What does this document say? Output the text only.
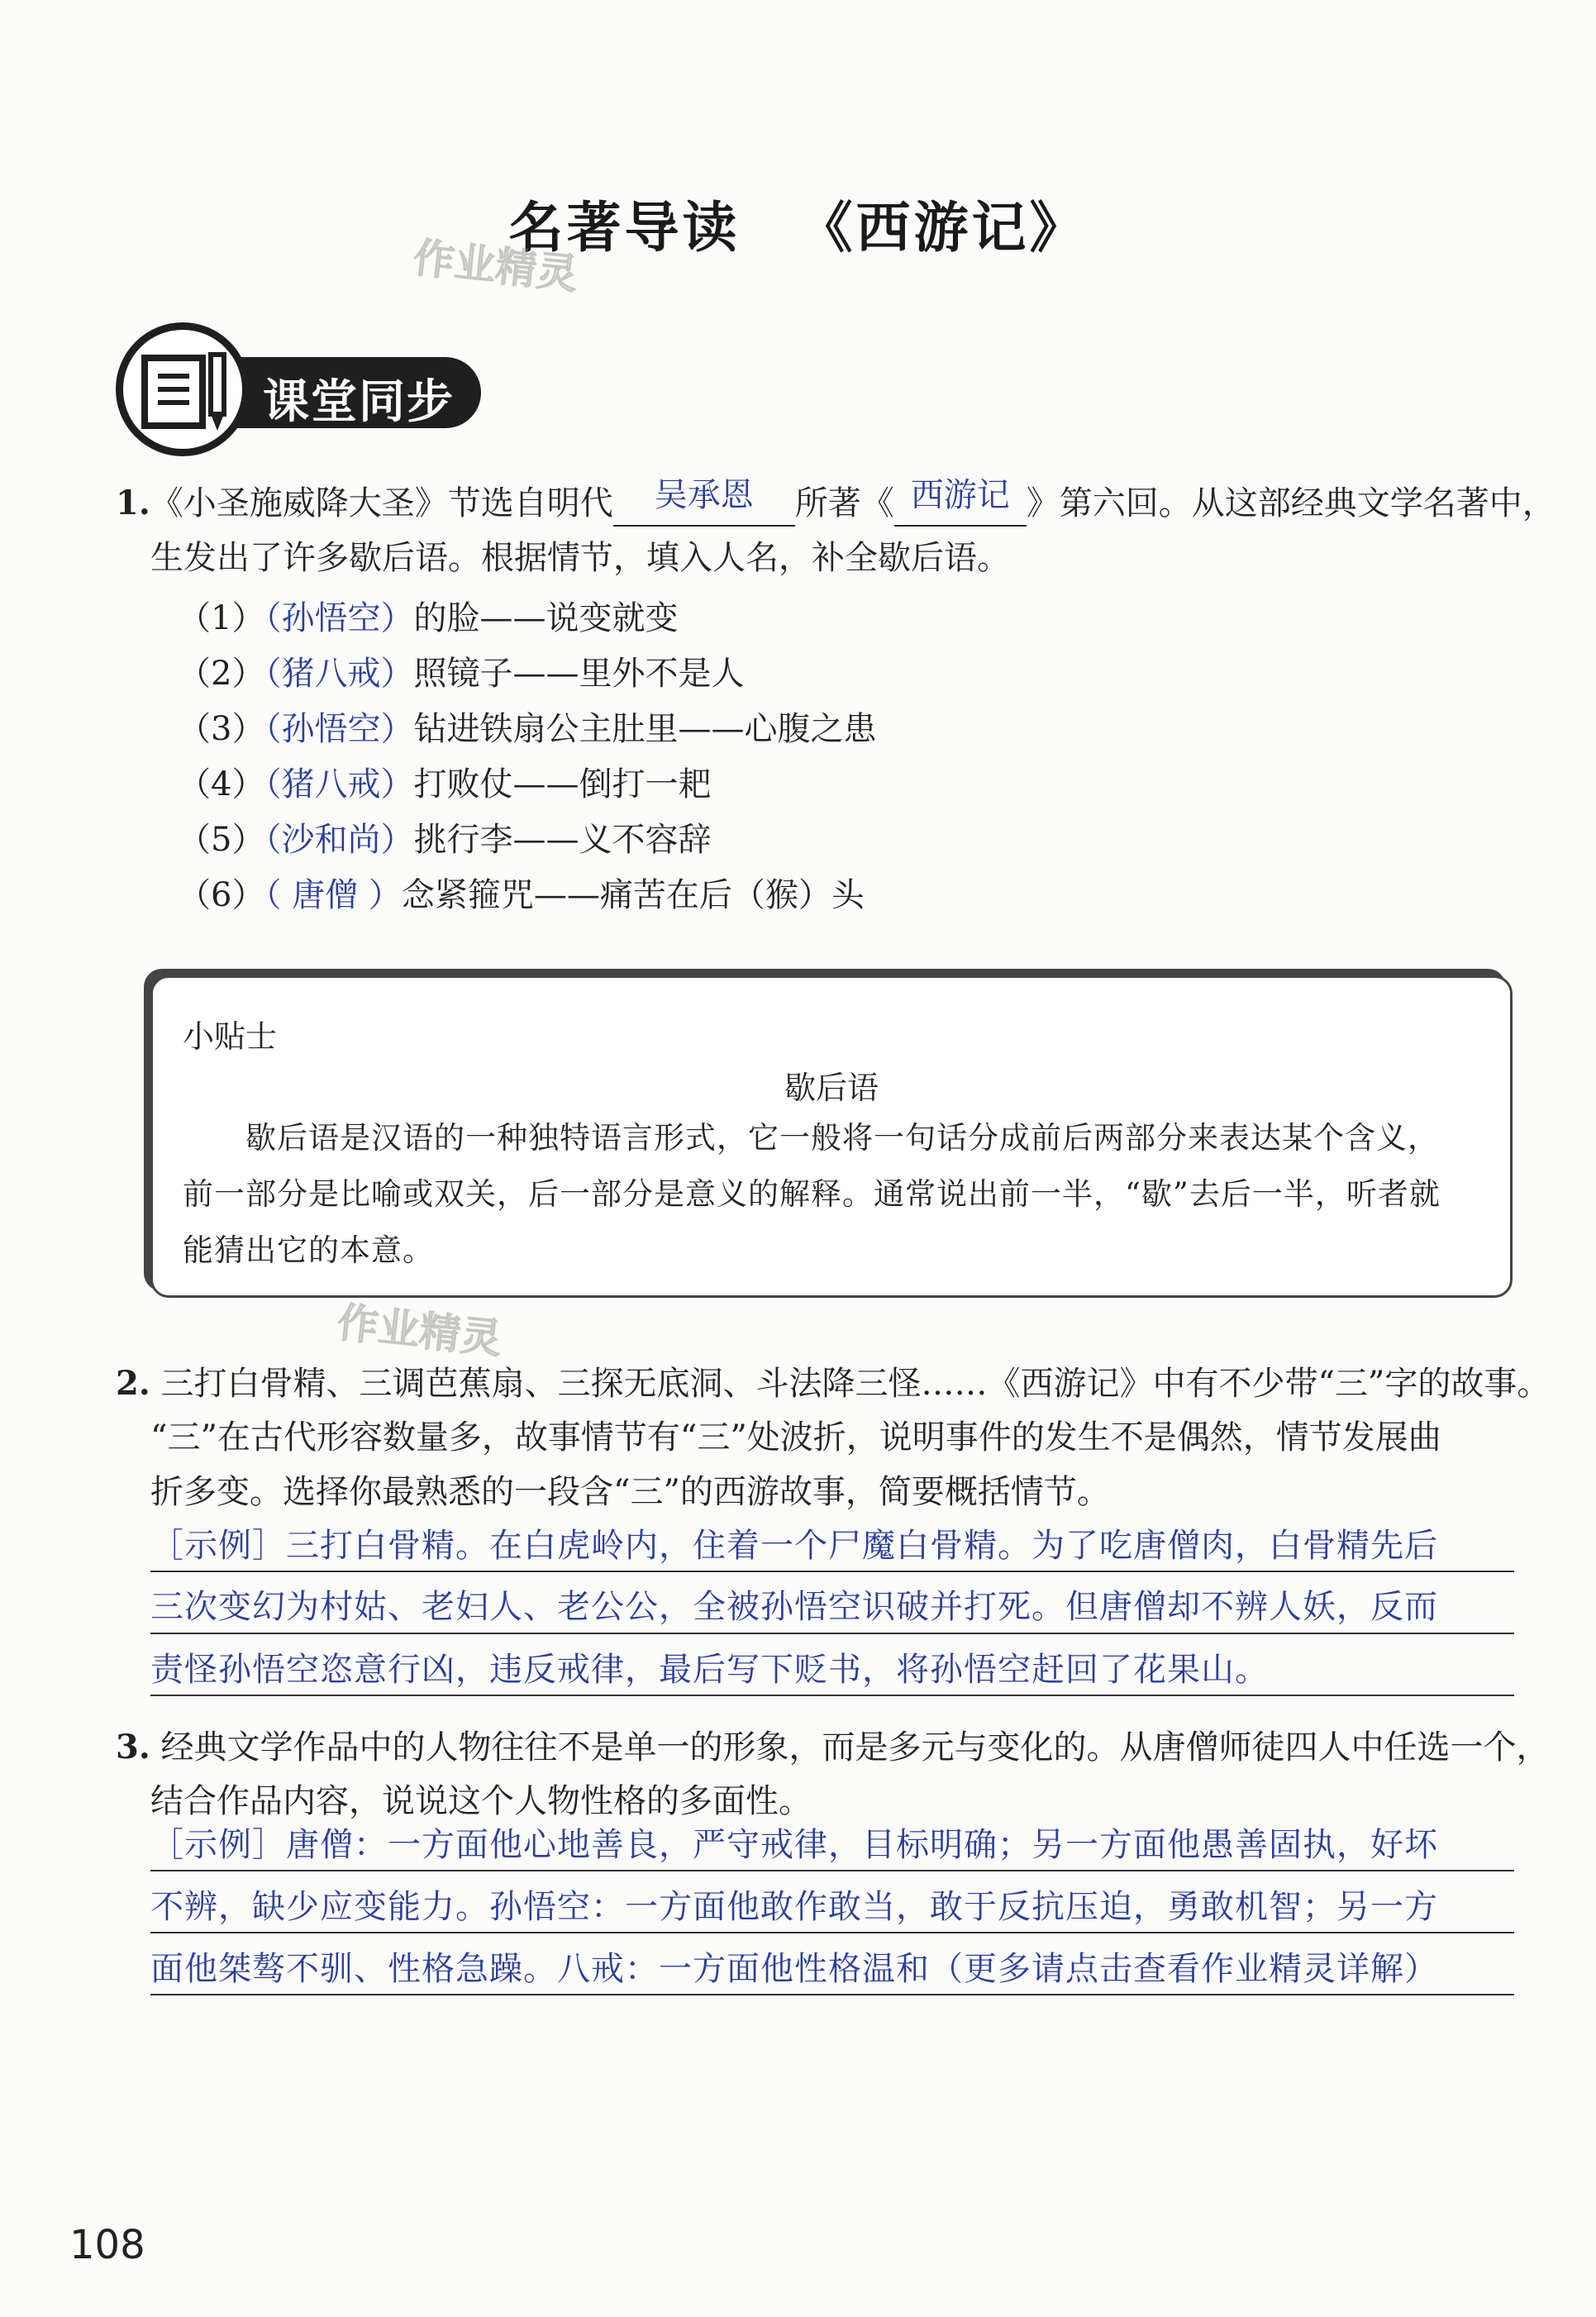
名著导读 《西游记》
作业精灵
作业精灵
课堂同步
1.《小圣施威降大圣》节选自明代 吴承恩 所著《 西游记 》第六回。从这部经典文学名著中，
生发出了许多歇后语。根据情节，填入人名，补全歇后语。
（1）（孙悟空）的脸——说变就变
（2）（猪八戒）照镜子——里外不是人
（3）（孙悟空）钻进铁扇公主肚里——心腹之患
（4）（猪八戒）打败仗——倒打一耙
（5）（沙和尚）挑行李——义不容辞
（6）（ 唐僧 ）念紧箍咒——痛苦在后（猴）头
小贴士
歇后语
歇后语是汉语的一种独特语言形式，它一般将一句话分成前后两部分来表达某个含义，前一部分是比喻或双关，后一部分是意义的解释。通常说出前一半，“歇”去后一半，听者就能猜出它的本意。
2. 三打白骨精、三调芭蕉扇、三探无底洞、斗法降三怪……《西游记》中有不少带“三”字的故事。
“三”在古代形容数量多，故事情节有“三”处波折，说明事件的发生不是偶然，情节发展曲
折多变。选择你最熟悉的一段含“三”的西游故事，简要概括情节。
［示例］三打白骨精。在白虎岭内，住着一个尸魔白骨精。为了吃唐僧肉，白骨精先后
三次变幻为村姑、老妇人、老公公，全被孙悟空识破并打死。但唐僧却不辨人妖，反而
责怪孙悟空恣意行凶，违反戒律，最后写下贬书，将孙悟空赶回了花果山。
3. 经典文学作品中的人物往往不是单一的形象，而是多元与变化的。从唐僧师徒四人中任选一个，
结合作品内容，说说这个人物性格的多面性。
［示例］唐僧：一方面他心地善良，严守戒律，目标明确；另一方面他愚善固执，好坏
不辨，缺少应变能力。孙悟空：一方面他敢作敢当，敢于反抗压迫，勇敢机智；另一方
面他桀骜不驯、性格急躁。八戒：一方面他性格温和（更多请点击查看作业精灵详解）
108
